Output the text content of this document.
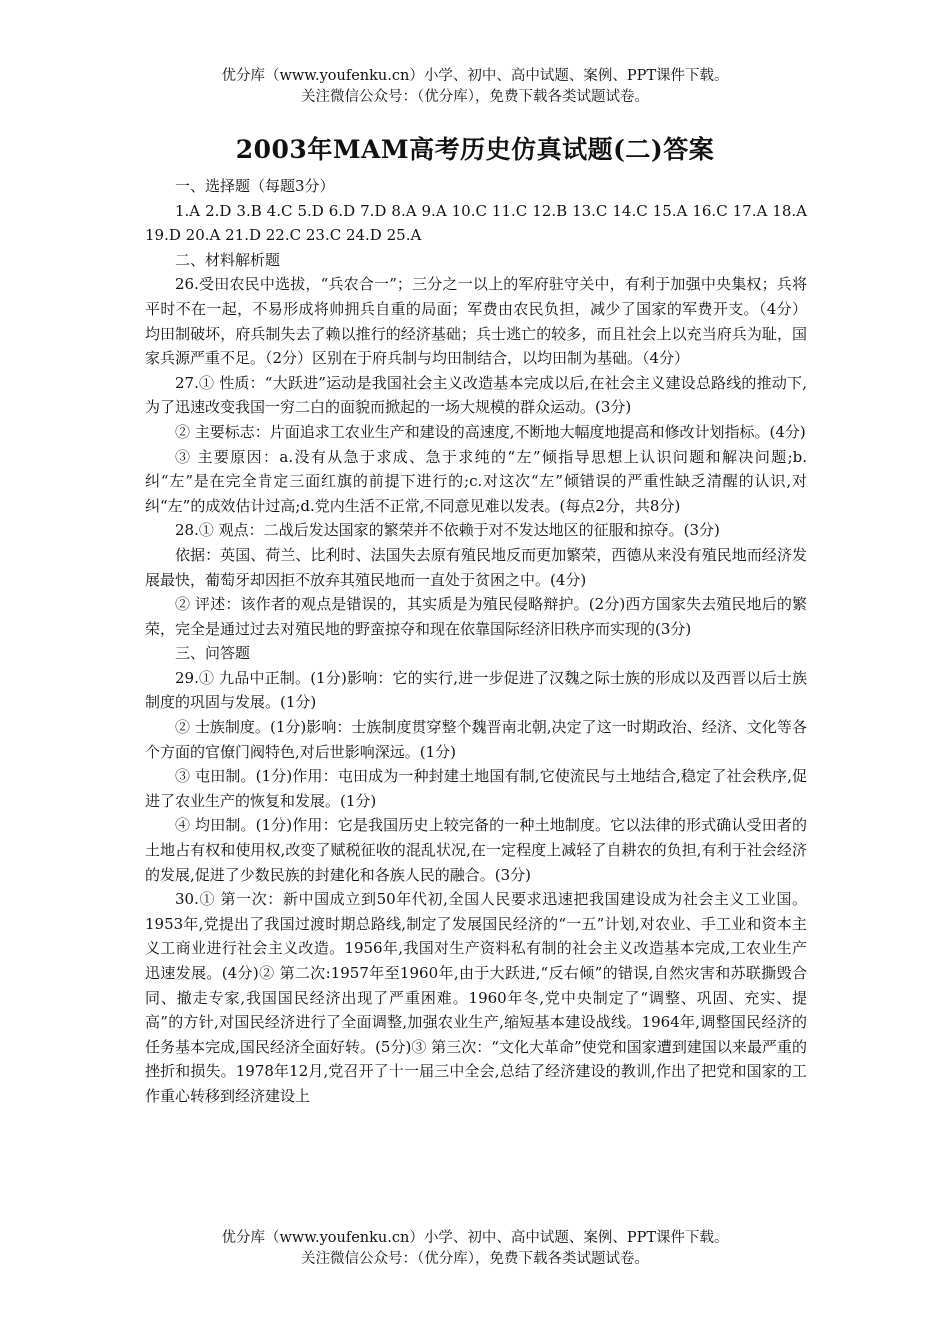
优分库（www.youfenku.cn）小学、初中、高中试题、案例、PPT课件下载。
关注微信公众号：（优分库），免费下载各类试题试卷。
2003年MAM高考历史仿真试题(二)答案

一、选择题（每题3分）

1.A 2.D 3.B 4.C 5.D 6.D 7.D 8.A 9.A 10.C 11.C 12.B 13.C 14.C 15.A 16.C 17.A 18.A 19.D 20.A 21.D 22.C 23.C 24.D 25.A

二、材料解析题

26.受田农民中选拔，“兵农合一”；三分之一以上的军府驻守关中，有利于加强中央集权；兵将平时不在一起，不易形成将帅拥兵自重的局面；军费由农民负担，减少了国家的军费开支。（4分）均田制破坏，府兵制失去了赖以推行的经济基础；兵士逃亡的较多，而且社会上以充当府兵为耻，国家兵源严重不足。（2分）区别在于府兵制与均田制结合，以均田制为基础。（4分）

27.① 性质：“大跃进”运动是我国社会主义改造基本完成以后,在社会主义建设总路线的推动下,为了迅速改变我国一穷二白的面貌而掀起的一场大规模的群众运动。(3分)

② 主要标志：片面追求工农业生产和建设的高速度,不断地大幅度地提高和修改计划指标。(4分)

③ 主要原因：a.没有从急于求成、急于求纯的“左”倾指导思想上认识问题和解决问题;b.纠“左”是在完全肯定三面红旗的前提下进行的;c.对这次“左”倾错误的严重性缺乏清醒的认识,对纠“左”的成效估计过高;d.党内生活不正常,不同意见难以发表。(每点2分，共8分)

28.① 观点：二战后发达国家的繁荣并不依赖于对不发达地区的征服和掠夺。(3分)

依据：英国、荷兰、比利时、法国失去原有殖民地反而更加繁荣，西德从来没有殖民地而经济发展最快，葡萄牙却因拒不放弃其殖民地而一直处于贫困之中。(4分)

② 评述：该作者的观点是错误的，其实质是为殖民侵略辩护。(2分)西方国家失去殖民地后的繁荣，完全是通过过去对殖民地的野蛮掠夺和现在依靠国际经济旧秩序而实现的(3分)

三、问答题

29.① 九品中正制。(1分)影响：它的实行,进一步促进了汉魏之际士族的形成以及西晋以后士族制度的巩固与发展。(1分)

② 士族制度。(1分)影响：士族制度贯穿整个魏晋南北朝,决定了这一时期政治、经济、文化等各个方面的官僚门阀特色,对后世影响深远。(1分)

③ 屯田制。(1分)作用：屯田成为一种封建土地国有制,它使流民与土地结合,稳定了社会秩序,促进了农业生产的恢复和发展。(1分)

④ 均田制。(1分)作用：它是我国历史上较完备的一种土地制度。它以法律的形式确认受田者的土地占有权和使用权,改变了赋税征收的混乱状况,在一定程度上减轻了自耕农的负担,有利于社会经济的发展,促进了少数民族的封建化和各族人民的融合。(3分)

30.① 第一次：新中国成立到50年代初,全国人民要求迅速把我国建设成为社会主义工业国。1953年,党提出了我国过渡时期总路线,制定了发展国民经济的“一五”计划,对农业、手工业和资本主义工商业进行社会主义改造。1956年,我国对生产资料私有制的社会主义改造基本完成,工农业生产迅速发展。(4分)② 第二次:1957年至1960年,由于大跃进,“反右倾”的错误,自然灾害和苏联撕毁合同、撤走专家,我国国民经济出现了严重困难。1960年冬,党中央制定了“调整、巩固、充实、提高”的方针,对国民经济进行了全面调整,加强农业生产,缩短基本建设战线。1964年,调整国民经济的任务基本完成,国民经济全面好转。(5分)③ 第三次：“文化大革命”使党和国家遭到建国以来最严重的挫折和损失。1978年12月,党召开了十一届三中全会,总结了经济建设的教训,作出了把党和国家的工作重心转移到经济建设上

优分库（www.youfenku.cn）小学、初中、高中试题、案例、PPT课件下载。
关注微信公众号：（优分库），免费下载各类试题试卷。
